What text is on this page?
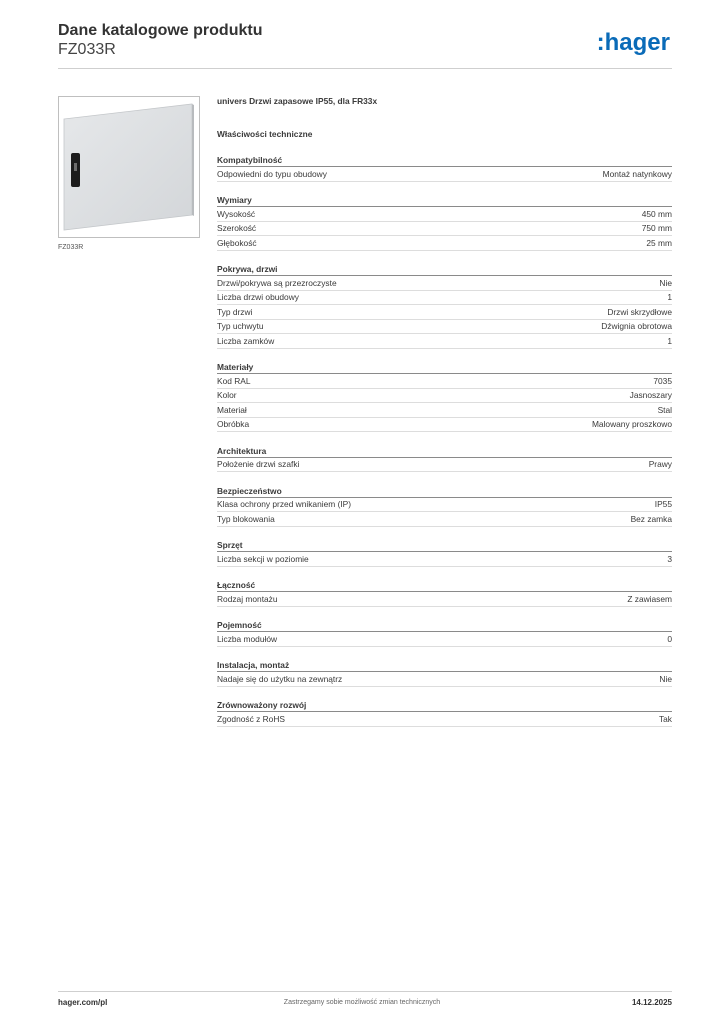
Dane katalogowe produktu
FZ033R	:hager
FZ033R
univers Drzwi zapasowe IP55, dla FR33x
Właściwości techniczne
Kompatybilność
Odpowiedni do typu obudowy	Montaż natynkowy
Wymiary
Wysokość	450 mm
Szerokość	750 mm
Głębokość	25 mm
Pokrywa, drzwi
Drzwi/pokrywa są przezroczyste	Nie
Liczba drzwi obudowy	1
Typ drzwi	Drzwi skrzydłowe
Typ uchwytu	Dźwignia obrotowa
Liczba zamków	1
Materiały
Kod RAL	7035
Kolor	Jasnoszary
Materiał	Stal
Obróbka	Malowany proszkowo
Architektura
Położenie drzwi szafki	Prawy
Bezpieczeństwo
Klasa ochrony przed wnikaniem (IP)	IP55
Typ blokowania	Bez zamka
Sprzęt
Liczba sekcji w poziomie	3
Łączność
Rodzaj montażu	Z zawiasem
Pojemność
Liczba modułów	0
Instalacja, montaż
Nadaje się do użytku na zewnątrz	Nie
Zrównoważony rozwój
Zgodność z RoHS	Tak
hager.com/pl	Zastrzegamy sobie możliwość zmian technicznych	14.12.2025
